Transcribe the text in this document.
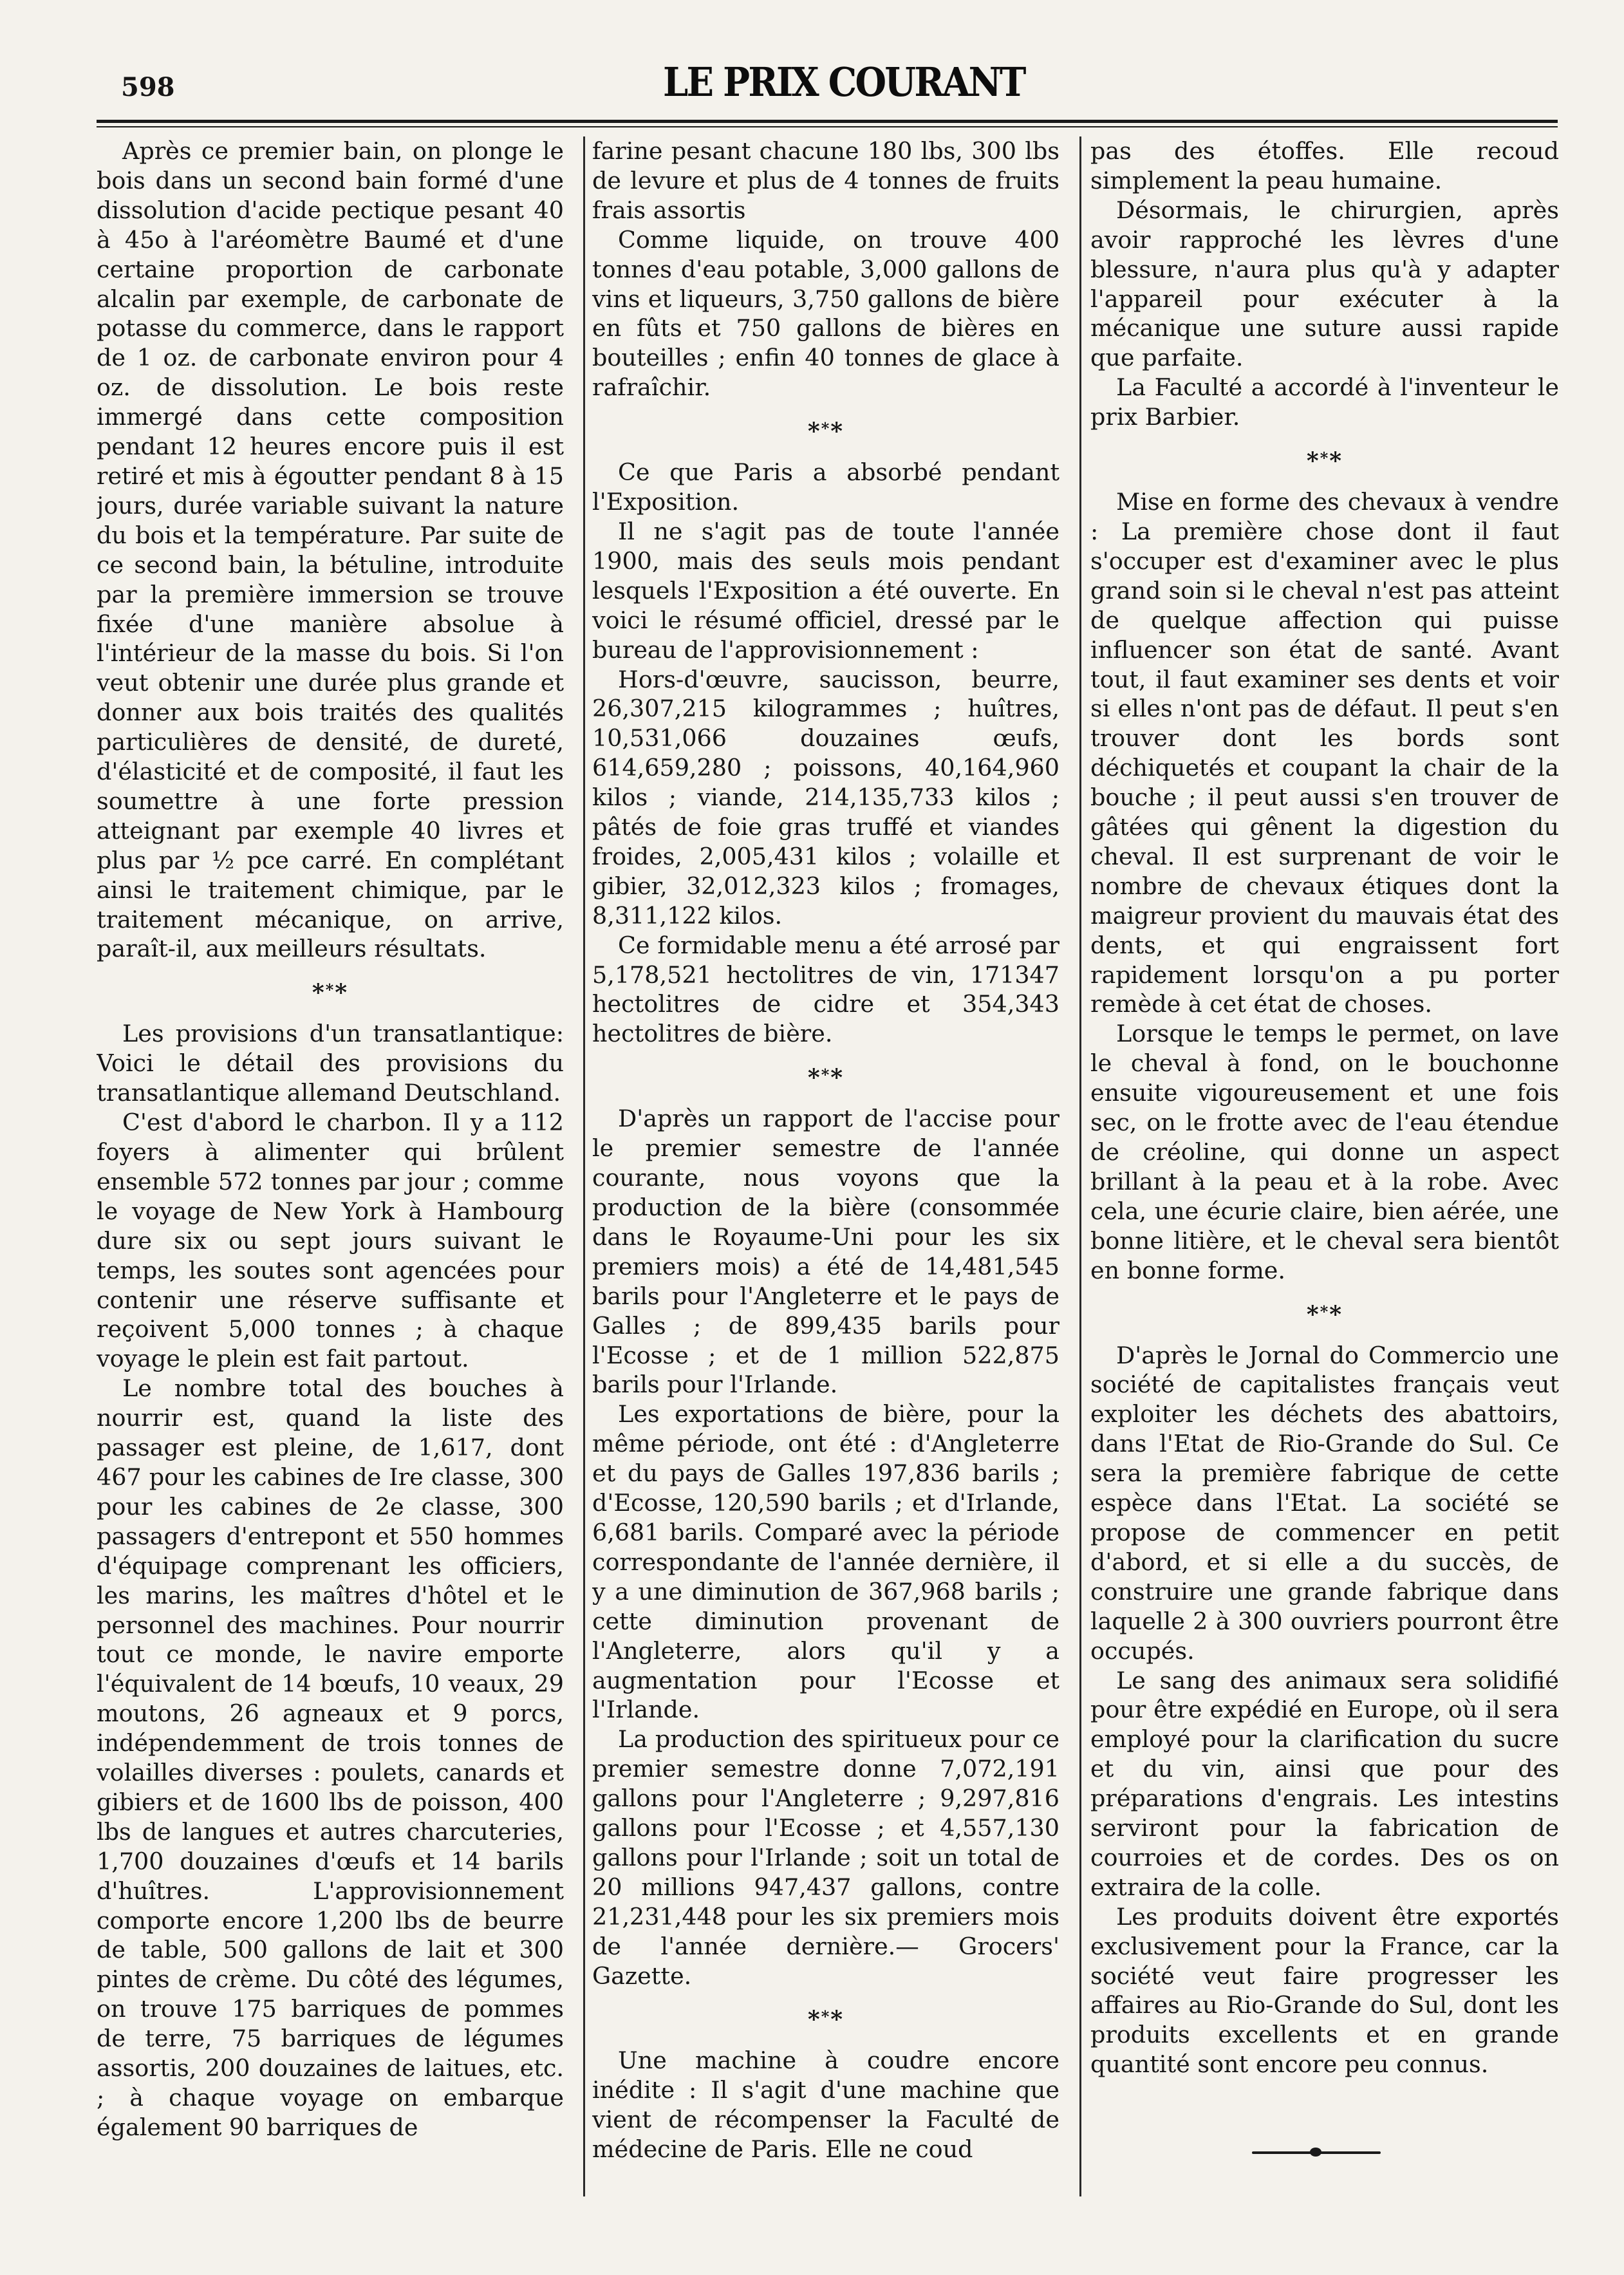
598	LE PRIX COURANT

Après ce premier bain, on plonge le bois dans un second bain formé d'une dissolution d'acide pectique pesant 40 à 45o à l'aréomètre Baumé et d'une certaine proportion de carbonate alcalin par exemple, de carbonate de potasse du commerce, dans le rapport de 1 oz. de carbonate environ pour 4 oz. de dissolution. Le bois reste immergé dans cette composition pendant 12 heures encore puis il est retiré et mis à égoutter pendant 8 à 15 jours, durée variable suivant la nature du bois et la température. Par suite de ce second bain, la bétuline, introduite par la première immersion se trouve fixée d'une manière absolue à l'intérieur de la masse du bois. Si l'on veut obtenir une durée plus grande et donner aux bois traités des qualités particulières de densité, de dureté, d'élasticité et de composité, il faut les soumettre à une forte pression atteignant par exemple 40 livres et plus par ½ pce carré. En complétant ainsi le traitement chimique, par le traitement mécanique, on arrive, paraît-il, aux meilleurs résultats.

***

Les provisions d'un transatlantique: Voici le détail des provisions du transatlantique allemand Deutschland.

C'est d'abord le charbon. Il y a 112 foyers à alimenter qui brûlent ensemble 572 tonnes par jour ; comme le voyage de New York à Hambourg dure six ou sept jours suivant le temps, les soutes sont agencées pour contenir une réserve suffisante et reçoivent 5,000 tonnes ; à chaque voyage le plein est fait partout.

Le nombre total des bouches à nourrir est, quand la liste des passager est pleine, de 1,617, dont 467 pour les cabines de Ire classe, 300 pour les cabines de 2e classe, 300 passagers d'entrepont et 550 hommes d'équipage comprenant les officiers, les marins, les maîtres d'hôtel et le personnel des machines. Pour nourrir tout ce monde, le navire emporte l'équivalent de 14 bœufs, 10 veaux, 29 moutons, 26 agneaux et 9 porcs, indépendemment de trois tonnes de volailles diverses : poulets, canards et gibiers et de 1600 lbs de poisson, 400 lbs de langues et autres charcuteries, 1,700 douzaines d'œufs et 14 barils d'huîtres. L'approvisionnement comporte encore 1,200 lbs de beurre de table, 500 gallons de lait et 300 pintes de crème. Du côté des légumes, on trouve 175 barriques de pommes de terre, 75 barriques de légumes assortis, 200 douzaines de laitues, etc. ; à chaque voyage on embarque également 90 barriques de

farine pesant chacune 180 lbs, 300 lbs de levure et plus de 4 tonnes de fruits frais assortis

Comme liquide, on trouve 400 tonnes d'eau potable, 3,000 gallons de vins et liqueurs, 3,750 gallons de bière en fûts et 750 gallons de bières en bouteilles ; enfin 40 tonnes de glace à rafraîchir.

***

Ce que Paris a absorbé pendant l'Exposition.

Il ne s'agit pas de toute l'année 1900, mais des seuls mois pendant lesquels l'Exposition a été ouverte. En voici le résumé officiel, dressé par le bureau de l'approvisionnement :

Hors-d'œuvre, saucisson, beurre, 26,307,215 kilogrammes ; huîtres, 10,531,066 douzaines œufs, 614,659,280 ; poissons, 40,164,960 kilos ; viande, 214,135,733 kilos ; pâtés de foie gras truffé et viandes froides, 2,005,431 kilos ; volaille et gibier, 32,012,323 kilos ; fromages, 8,311,122 kilos.

Ce formidable menu a été arrosé par 5,178,521 hectolitres de vin, 171347 hectolitres de cidre et 354,343 hectolitres de bière.

***

D'après un rapport de l'accise pour le premier semestre de l'année courante, nous voyons que la production de la bière (consommée dans le Royaume-Uni pour les six premiers mois) a été de 14,481,545 barils pour l'Angleterre et le pays de Galles ; de 899,435 barils pour l'Ecosse ; et de 1 million 522,875 barils pour l'Irlande.

Les exportations de bière, pour la même période, ont été : d'Angleterre et du pays de Galles 197,836 barils ; d'Ecosse, 120,590 barils ; et d'Irlande, 6,681 barils. Comparé avec la période correspondante de l'année dernière, il y a une diminution de 367,968 barils ; cette diminution provenant de l'Angleterre, alors qu'il y a augmentation pour l'Ecosse et l'Irlande.

La production des spiritueux pour ce premier semestre donne 7,072,191 gallons pour l'Angleterre ; 9,297,816 gallons pour l'Ecosse ; et 4,557,130 gallons pour l'Irlande ; soit un total de 20 millions 947,437 gallons, contre 21,231,448 pour les six premiers mois de l'année dernière.— Grocers' Gazette.

***

Une machine à coudre encore inédite : Il s'agit d'une machine que vient de récompenser la Faculté de médecine de Paris. Elle ne coud

pas des étoffes. Elle recoud simplement la peau humaine.

Désormais, le chirurgien, après avoir rapproché les lèvres d'une blessure, n'aura plus qu'à y adapter l'appareil pour exécuter à la mécanique une suture aussi rapide que parfaite.

La Faculté a accordé à l'inventeur le prix Barbier.

***

Mise en forme des chevaux à vendre : La première chose dont il faut s'occuper est d'examiner avec le plus grand soin si le cheval n'est pas atteint de quelque affection qui puisse influencer son état de santé. Avant tout, il faut examiner ses dents et voir si elles n'ont pas de défaut. Il peut s'en trouver dont les bords sont déchiquetés et coupant la chair de la bouche ; il peut aussi s'en trouver de gâtées qui gênent la digestion du cheval. Il est surprenant de voir le nombre de chevaux étiques dont la maigreur provient du mauvais état des dents, et qui engraissent fort rapidement lorsqu'on a pu porter remède à cet état de choses.

Lorsque le temps le permet, on lave le cheval à fond, on le bouchonne ensuite vigoureusement et une fois sec, on le frotte avec de l'eau étendue de créoline, qui donne un aspect brillant à la peau et à la robe. Avec cela, une écurie claire, bien aérée, une bonne litière, et le cheval sera bientôt en bonne forme.

***

D'après le Jornal do Commercio une société de capitalistes français veut exploiter les déchets des abattoirs, dans l'Etat de Rio-Grande do Sul. Ce sera la première fabrique de cette espèce dans l'Etat. La société se propose de commencer en petit d'abord, et si elle a du succès, de construire une grande fabrique dans laquelle 2 à 300 ouvriers pourront être occupés.

Le sang des animaux sera solidifié pour être expédié en Europe, où il sera employé pour la clarification du sucre et du vin, ainsi que pour des préparations d'engrais. Les intestins serviront pour la fabrication de courroies et de cordes. Des os on extraira de la colle.

Les produits doivent être exportés exclusivement pour la France, car la société veut faire progresser les affaires au Rio-Grande do Sul, dont les produits excellents et en grande quantité sont encore peu connus.
